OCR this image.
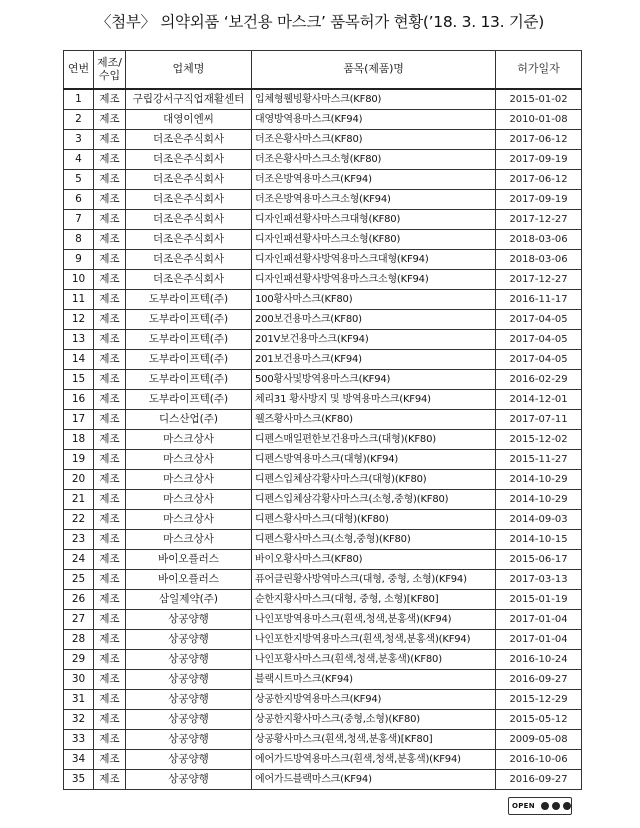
〈첨부〉 의약외품 ‘보건용 마스크’ 품목허가 현황(’18. 3. 13. 기준)
연번	제조/
수입	업체명	품목(제품)명	허가일자
1	제조	구립강서구직업재활센터	입체형웰빙황사마스크(KF80)	2015-01-02
2	제조	대영이엔씨	대영방역용마스크(KF94)	2010-01-08
3	제조	더조은주식회사	더조은황사마스크(KF80)	2017-06-12
4	제조	더조은주식회사	더조은황사마스크소형(KF80)	2017-09-19
5	제조	더조은주식회사	더조은방역용마스크(KF94)	2017-06-12
6	제조	더조은주식회사	더조은방역용마스크소형(KF94)	2017-09-19
7	제조	더조은주식회사	디자인패션황사마스크대형(KF80)	2017-12-27
8	제조	더조은주식회사	디자인패션황사마스크소형(KF80)	2018-03-06
9	제조	더조은주식회사	디자인패션황사방역용마스크대형(KF94)	2018-03-06
10	제조	더조은주식회사	디자인패션황사방역용마스크소형(KF94)	2017-12-27
11	제조	도부라이프텍(주)	100황사마스크(KF80)	2016-11-17
12	제조	도부라이프텍(주)	200보건용마스크(KF80)	2017-04-05
13	제조	도부라이프텍(주)	201V보건용마스크(KF94)	2017-04-05
14	제조	도부라이프텍(주)	201보건용마스크(KF94)	2017-04-05
15	제조	도부라이프텍(주)	500황사및방역용마스크(KF94)	2016-02-29
16	제조	도부라이프텍(주)	체리31 황사방지 및 방역용마스크(KF94)	2014-12-01
17	제조	디스산업(주)	웰즈황사마스크(KF80)	2017-07-11
18	제조	마스크상사	디펜스매일편한보건용마스크(대형)(KF80)	2015-12-02
19	제조	마스크상사	디펜스방역용마스크(대형)(KF94)	2015-11-27
20	제조	마스크상사	디펜스입체삼각황사마스크(대형)(KF80)	2014-10-29
21	제조	마스크상사	디펜스입체삼각황사마스크(소형,중형)(KF80)	2014-10-29
22	제조	마스크상사	디펜스황사마스크(대형)(KF80)	2014-09-03
23	제조	마스크상사	디펜스황사마스크(소형,중형)(KF80)	2014-10-15
24	제조	바이오플러스	바이오황사마스크(KF80)	2015-06-17
25	제조	바이오플러스	퓨어클린황사방역마스크(대형, 중형, 소형)(KF94)	2017-03-13
26	제조	삼일제약(주)	순한지황사마스크(대형, 중형, 소형)[KF80]	2015-01-19
27	제조	상공양행	나인포방역용마스크(흰색,청색,분홍색)(KF94)	2017-01-04
28	제조	상공양행	나인포한지방역용마스크(흰색,청색,분홍색)(KF94)	2017-01-04
29	제조	상공양행	나인포황사마스크(흰색,청색,분홍색)(KF80)	2016-10-24
30	제조	상공양행	블랙시트마스크(KF94)	2016-09-27
31	제조	상공양행	상공한지방역용마스크(KF94)	2015-12-29
32	제조	상공양행	상공한지황사마스크(중형,소형)(KF80)	2015-05-12
33	제조	상공양행	상공황사마스크(흰색,청색,분홍색)[KF80]	2009-05-08
34	제조	상공양행	에어가드방역용마스크(흰색,청색,분홍색)(KF94)	2016-10-06
35	제조	상공양행	에어가드블랙마스크(KF94)	2016-09-27
OPEN
